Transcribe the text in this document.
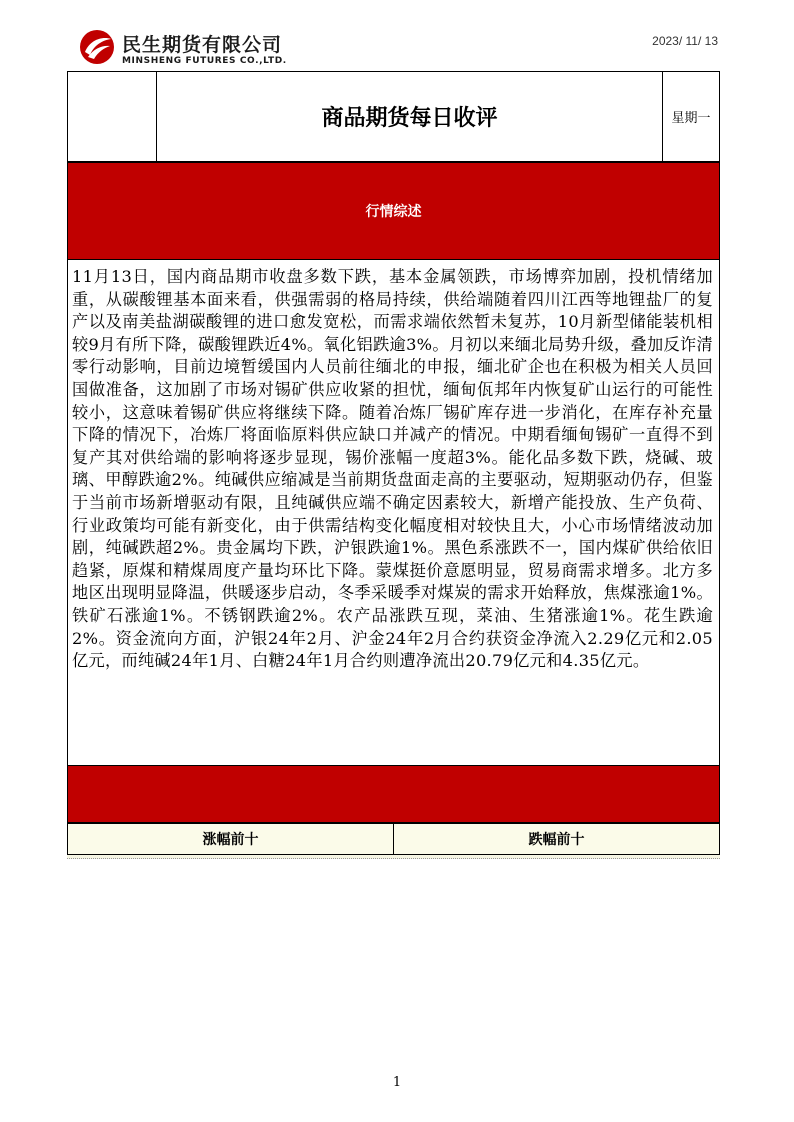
民生期货有限公司
MINSHENG FUTURES CO.,LTD.
2023/ 11/ 13
商品期货每日收评	星期一
行情综述
11月13日，国内商品期市收盘多数下跌，基本金属领跌，市场博弈加剧，投机情绪加重，从碳酸锂基本面来看，供强需弱的格局持续，供给端随着四川江西等地锂盐厂的复产以及南美盐湖碳酸锂的进口愈发宽松，而需求端依然暂未复苏，10月新型储能装机相较9月有所下降，碳酸锂跌近4%。氧化铝跌逾3%。月初以来缅北局势升级，叠加反诈清零行动影响，目前边境暂缓国内人员前往缅北的申报，缅北矿企也在积极为相关人员回国做准备，这加剧了市场对锡矿供应收紧的担忧，缅甸佤邦年内恢复矿山运行的可能性较小，这意味着锡矿供应将继续下降。随着冶炼厂锡矿库存进一步消化，在库存补充量下降的情况下，冶炼厂将面临原料供应缺口并减产的情况。中期看缅甸锡矿一直得不到复产其对供给端的影响将逐步显现，锡价涨幅一度超3%。能化品多数下跌，烧碱、玻璃、甲醇跌逾2%。纯碱供应缩减是当前期货盘面走高的主要驱动，短期驱动仍存，但鉴于当前市场新增驱动有限，且纯碱供应端不确定因素较大，新增产能投放、生产负荷、行业政策均可能有新变化，由于供需结构变化幅度相对较快且大，小心市场情绪波动加剧，纯碱跌超2%。贵金属均下跌，沪银跌逾1%。黑色系涨跌不一，国内煤矿供给依旧趋紧，原煤和精煤周度产量均环比下降。蒙煤挺价意愿明显，贸易商需求增多。北方多地区出现明显降温，供暖逐步启动，冬季采暖季对煤炭的需求开始释放，焦煤涨逾1%。铁矿石涨逾1%。不锈钢跌逾2%。农产品涨跌互现，菜油、生猪涨逾1%。花生跌逾2%。资金流向方面，沪银24年2月、沪金24年2月合约获资金净流入2.29亿元和2.05亿元，而纯碱24年1月、白糖24年1月合约则遭净流出20.79亿元和4.35亿元。
涨幅前十	跌幅前十
1
